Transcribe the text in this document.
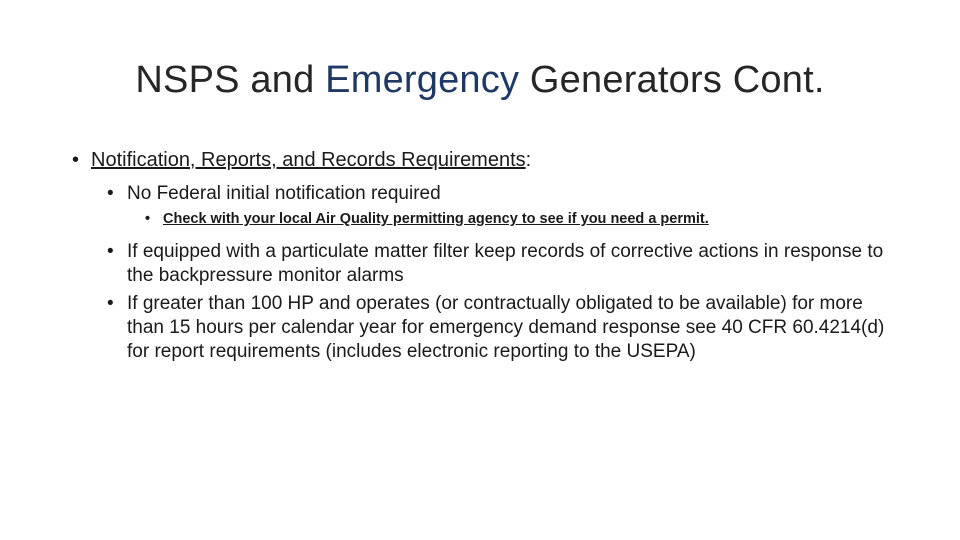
NSPS and Emergency Generators Cont.
• Notification, Reports, and Records Requirements:
• No Federal initial notification required
• Check with your local Air Quality permitting agency to see if you need a permit.
• If equipped with a particulate matter filter keep records of corrective actions in response to the backpressure monitor alarms
• If greater than 100 HP and operates (or contractually obligated to be available) for more than 15 hours per calendar year for emergency demand response see 40 CFR 60.4214(d) for report requirements (includes electronic reporting to the USEPA)
